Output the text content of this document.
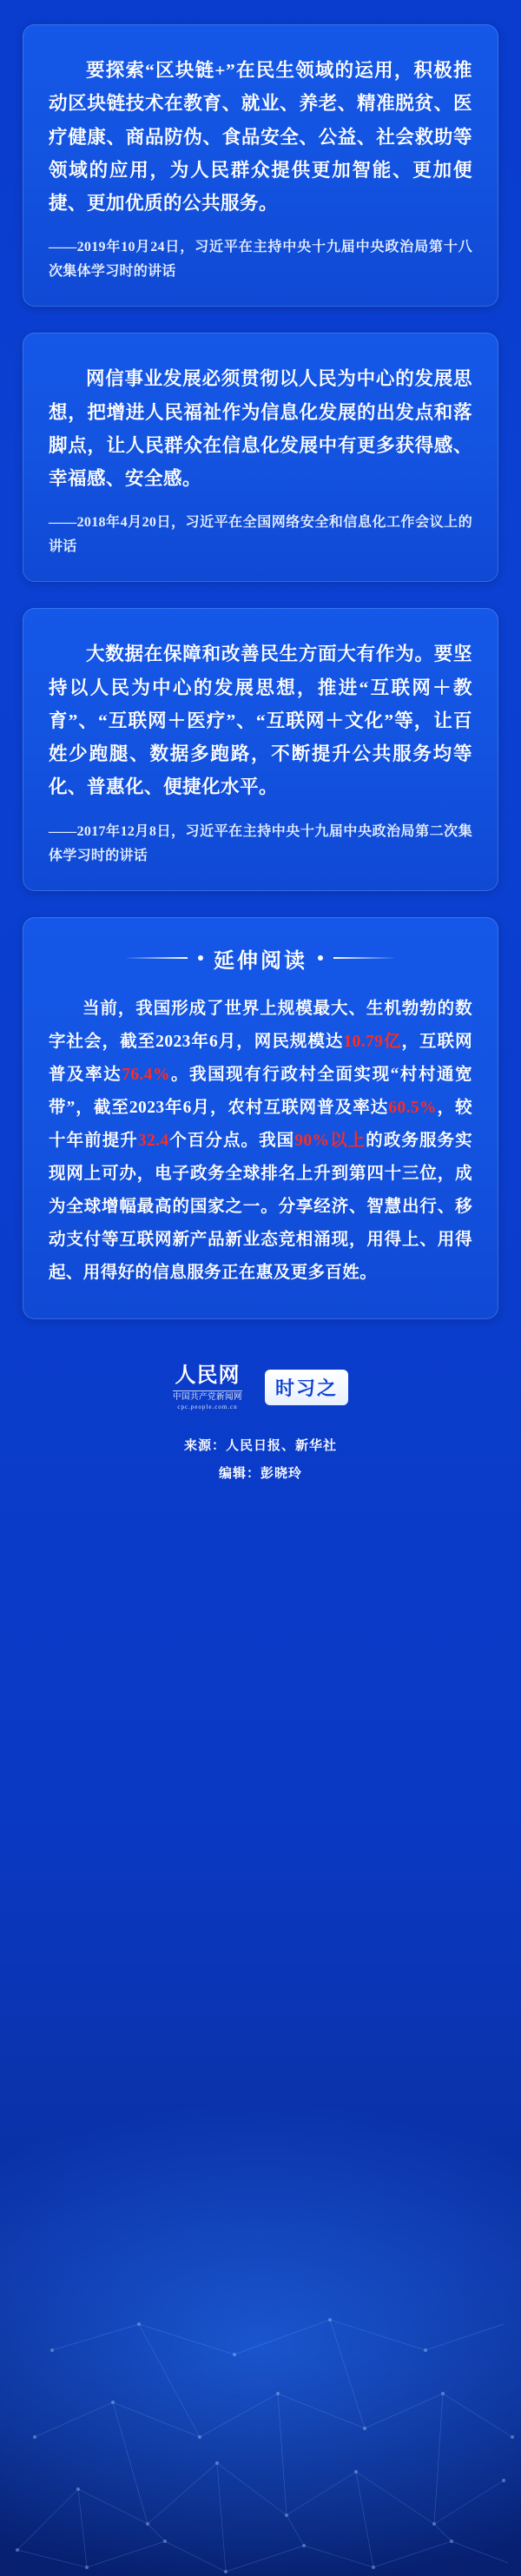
要探索“区块链+”在民生领域的运用，积极推动区块链技术在教育、就业、养老、精准脱贫、医疗健康、商品防伪、食品安全、公益、社会救助等领域的应用，为人民群众提供更加智能、更加便捷、更加优质的公共服务。
——2019年10月24日，习近平在主持中央十九届中央政治局第十八次集体学习时的讲话
网信事业发展必须贯彻以人民为中心的发展思想，把增进人民福祉作为信息化发展的出发点和落脚点，让人民群众在信息化发展中有更多获得感、幸福感、安全感。
——2018年4月20日，习近平在全国网络安全和信息化工作会议上的讲话
大数据在保障和改善民生方面大有作为。要坚持以人民为中心的发展思想，推进“互联网＋教育”、“互联网＋医疗”、“互联网＋文化”等，让百姓少跑腿、数据多跑路，不断提升公共服务均等化、普惠化、便捷化水平。
——2017年12月8日，习近平在主持中央十九届中央政治局第二次集体学习时的讲话
延伸阅读
当前，我国形成了世界上规模最大、生机勃勃的数字社会，截至2023年6月，网民规模达10.79亿，互联网普及率达76.4%。我国现有行政村全面实现“村村通宽带”，截至2023年6月，农村互联网普及率达60.5%，较十年前提升32.4个百分点。我国90%以上的政务服务实现网上可办，电子政务全球排名上升到第四十三位，成为全球增幅最高的国家之一。分享经济、智慧出行、移动支付等互联网新产品新业态竞相涌现，用得上、用得起、用得好的信息服务正在惠及更多百姓。
人民网
中国共产党新闻网
cpc.people.com.cn
时习之
来源：人民日报、新华社
编辑：彭晓玲
